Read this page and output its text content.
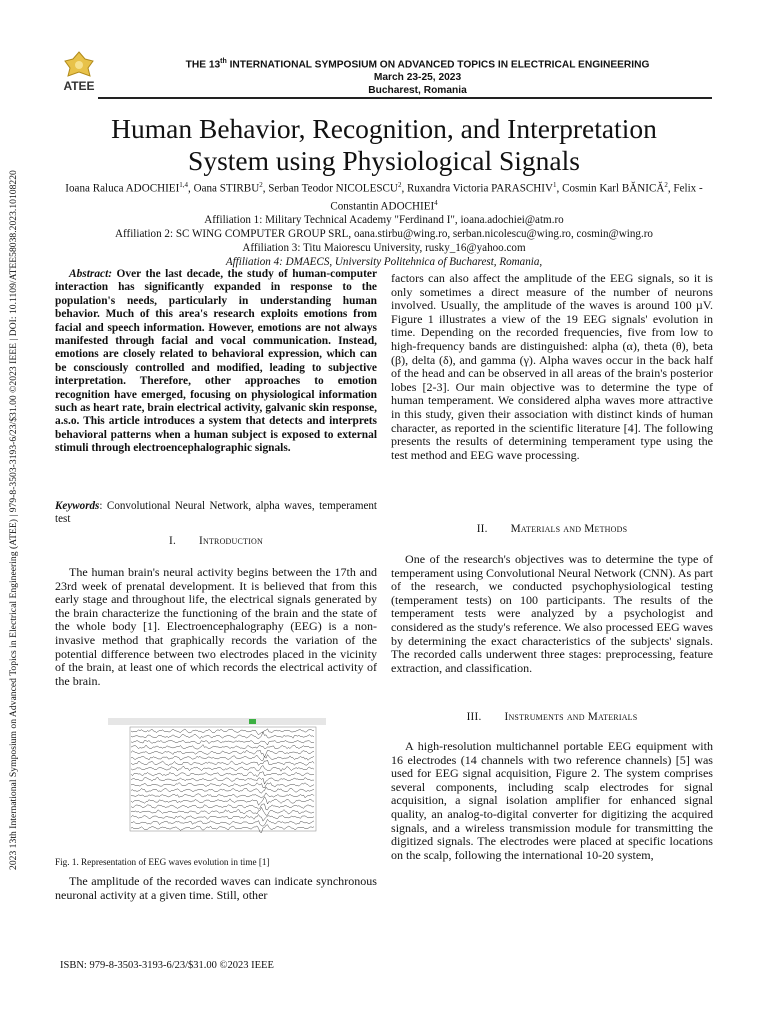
2023 13th International Symposium on Advanced Topics in Electrical Engineering (ATEE) | 979-8-3503-3193-6/23/$31.00 ©2023 IEEE | DOI: 10.1109/ATEE58038.2023.10108220
ATEE
THE 13th INTERNATIONAL SYMPOSIUM ON ADVANCED TOPICS IN ELECTRICAL ENGINEERING
March 23-25, 2023
Bucharest, Romania
Human Behavior, Recognition, and Interpretation
System using Physiological Signals
Ioana Raluca ADOCHIEI$^{1,4}$, Oana STIRBU$^2$, Serban Teodor NICOLESCU$^2$, Ruxandra Victoria PARASCHIV$^1$, Cosmin Karl BĂNICĂ$^2$, Felix - Constantin ADOCHIEI$^4$
Affiliation 1: Military Technical Academy "Ferdinand I", ioana.adochiei@atm.ro
Affiliation 2: SC WING COMPUTER GROUP SRL, oana.stirbu@wing.ro, serban.nicolescu@wing.ro, cosmin@wing.ro
Affiliation 3: Titu Maiorescu University, rusky_16@yahoo.com
Affiliation 4: DMAECS, University Politehnica of Bucharest, Romania,

Abstract: Over the last decade, the study of human-computer interaction has significantly expanded in response to the population's needs, particularly in understanding human behavior. Much of this area's research exploits emotions from facial and speech information. However, emotions are not always manifested through facial and vocal communication. Instead, emotions are closely related to behavioral expression, which can be consciously controlled and modified, leading to subjective interpretation. Therefore, other approaches to emotion recognition have emerged, focusing on physiological information such as heart rate, brain electrical activity, galvanic skin response, a.s.o. This article introduces a system that detects and interprets behavioral patterns when a human subject is exposed to external stimuli through electroencephalographic signals.

Keywords: Convolutional Neural Network, alpha waves, temperament test

I.  Introduction

The human brain's neural activity begins between the 17th and 23rd week of prenatal development. It is believed that from this early stage and throughout life, the electrical signals generated by the brain characterize the functioning of the brain and the state of the whole body [1]. Electroencephalography (EEG) is a non-invasive method that graphically records the variation of the potential difference between two electrodes placed in the vicinity of the brain, at least one of which records the electrical activity of the brain.

Fig. 1. Representation of EEG waves evolution in time [1]

The amplitude of the recorded waves can indicate synchronous neuronal activity at a given time. Still, other

factors can also affect the amplitude of the EEG signals, so it is only sometimes a direct measure of the number of neurons involved. Usually, the amplitude of the waves is around 100 µV. Figure 1 illustrates a view of the 19 EEG signals' evolution in time. Depending on the recorded frequencies, five from low to high-frequency bands are distinguished: alpha (α), theta (θ), beta (β), delta (δ), and gamma (γ). Alpha waves occur in the back half of the head and can be observed in all areas of the brain's posterior lobes [2-3]. Our main objective was to determine the type of human temperament. We considered alpha waves more attractive in this study, given their association with distinct kinds of human character, as reported in the scientific literature [4]. The following presents the results of determining temperament type using the test method and EEG wave processing.

II.  Materials and Methods

One of the research's objectives was to determine the type of temperament using Convolutional Neural Network (CNN). As part of the research, we conducted psychophysiological testing (temperament tests) on 100 participants. The results of the temperament tests were analyzed by a psychologist and considered as the study's reference. We also processed EEG waves by determining the exact characteristics of the subjects' signals. The recorded calls underwent three stages: preprocessing, feature extraction, and classification.

III.  Instruments and Materials

A high-resolution multichannel portable EEG equipment with 16 electrodes (14 channels with two reference channels) [5] was used for EEG signal acquisition, Figure 2. The system comprises several components, including scalp electrodes for signal acquisition, a signal isolation amplifier for enhanced signal quality, an analog-to-digital converter for digitizing the acquired signals, and a wireless transmission module for transmitting the digitized signals. The electrodes were placed at specific locations on the scalp, following the international 10-20 system,

ISBN: 979-8-3503-3193-6/23/$31.00 ©2023 IEEE
